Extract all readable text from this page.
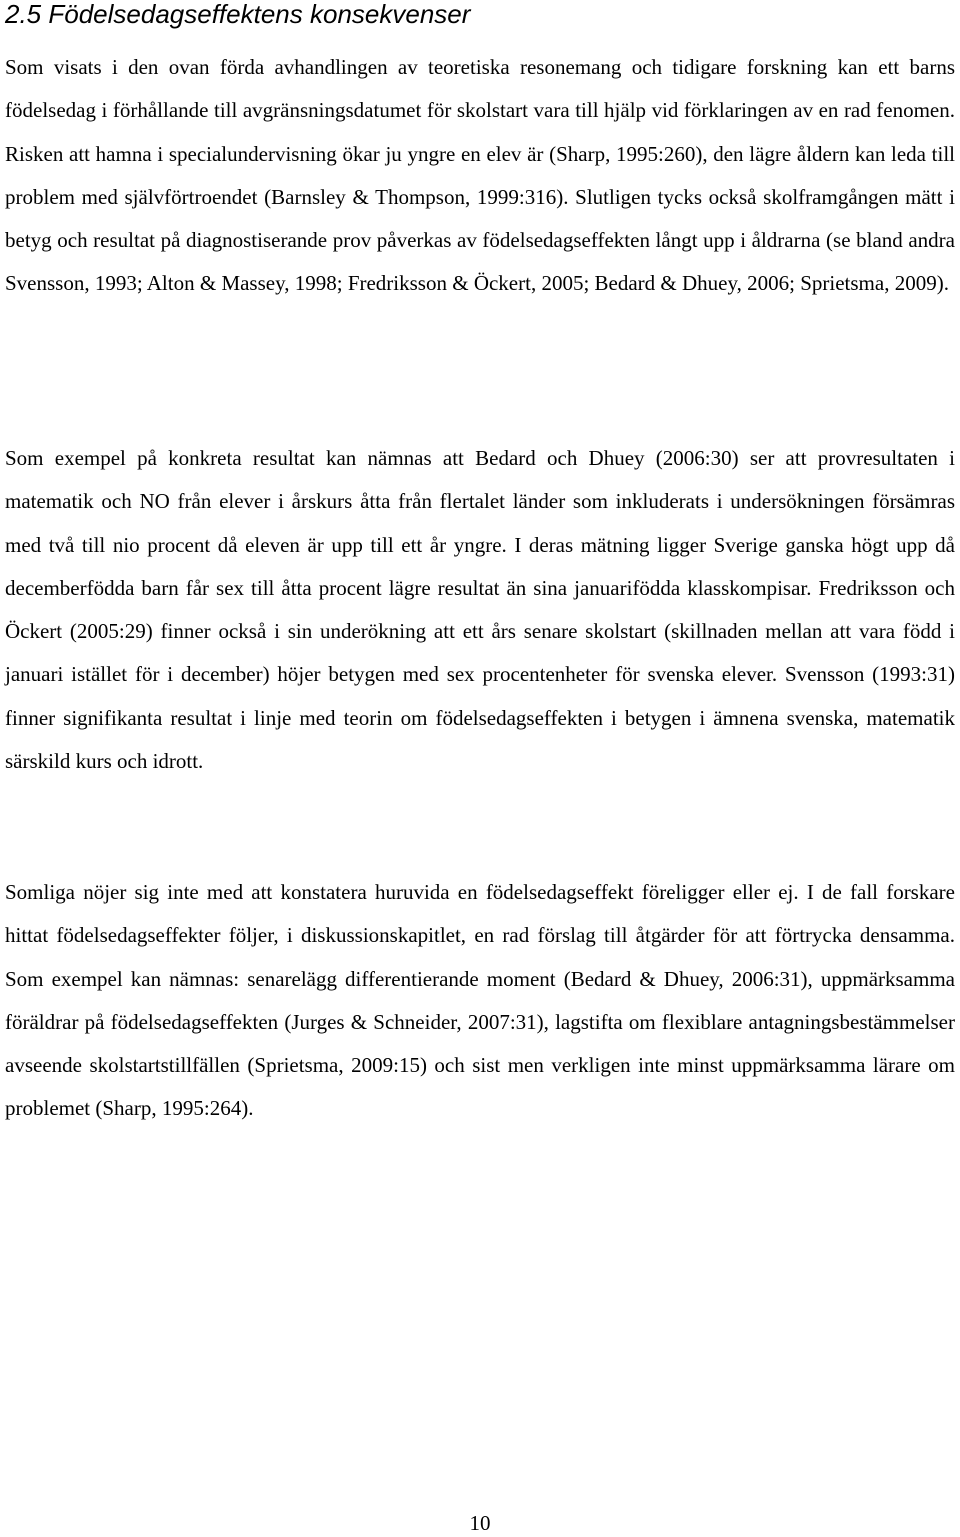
2.5 Födelsedagseffektens konsekvenser

Som visats i den ovan förda avhandlingen av teoretiska resonemang och tidigare forskning kan ett barns födelsedag i förhållande till avgränsningsdatumet för skolstart vara till hjälp vid förklaringen av en rad fenomen. Risken att hamna i specialundervisning ökar ju yngre en elev är (Sharp, 1995:260), den lägre åldern kan leda till problem med självförtroendet (Barnsley & Thompson, 1999:316). Slutligen tycks också skolframgången mätt i betyg och resultat på diagnostiserande prov påverkas av födelsedagseffekten långt upp i åldrarna (se bland andra Svensson, 1993; Alton & Massey, 1998; Fredriksson & Öckert, 2005; Bedard & Dhuey, 2006; Sprietsma, 2009).

Som exempel på konkreta resultat kan nämnas att Bedard och Dhuey (2006:30) ser att provresultaten i matematik och NO från elever i årskurs åtta från flertalet länder som inkluderats i undersökningen försämras med två till nio procent då eleven är upp till ett år yngre. I deras mätning ligger Sverige ganska högt upp då decemberfödda barn får sex till åtta procent lägre resultat än sina januarifödda klasskompisar. Fredriksson och Öckert (2005:29) finner också i sin underökning att ett års senare skolstart (skillnaden mellan att vara född i januari istället för i december) höjer betygen med sex procentenheter för svenska elever. Svensson (1993:31) finner signifikanta resultat i linje med teorin om födelsedagseffekten i betygen i ämnena svenska, matematik särskild kurs och idrott.

Somliga nöjer sig inte med att konstatera huruvida en födelsedagseffekt föreligger eller ej. I de fall forskare hittat födelsedagseffekter följer, i diskussionskapitlet, en rad förslag till åtgärder för att förtrycka densamma. Som exempel kan nämnas: senarelägg differentierande moment (Bedard & Dhuey, 2006:31), uppmärksamma föräldrar på födelsedagseffekten (Jurges & Schneider, 2007:31), lagstifta om flexiblare antagningsbestämmelser avseende skolstartstillfällen (Sprietsma, 2009:15) och sist men verkligen inte minst uppmärksamma lärare om problemet (Sharp, 1995:264).

10
